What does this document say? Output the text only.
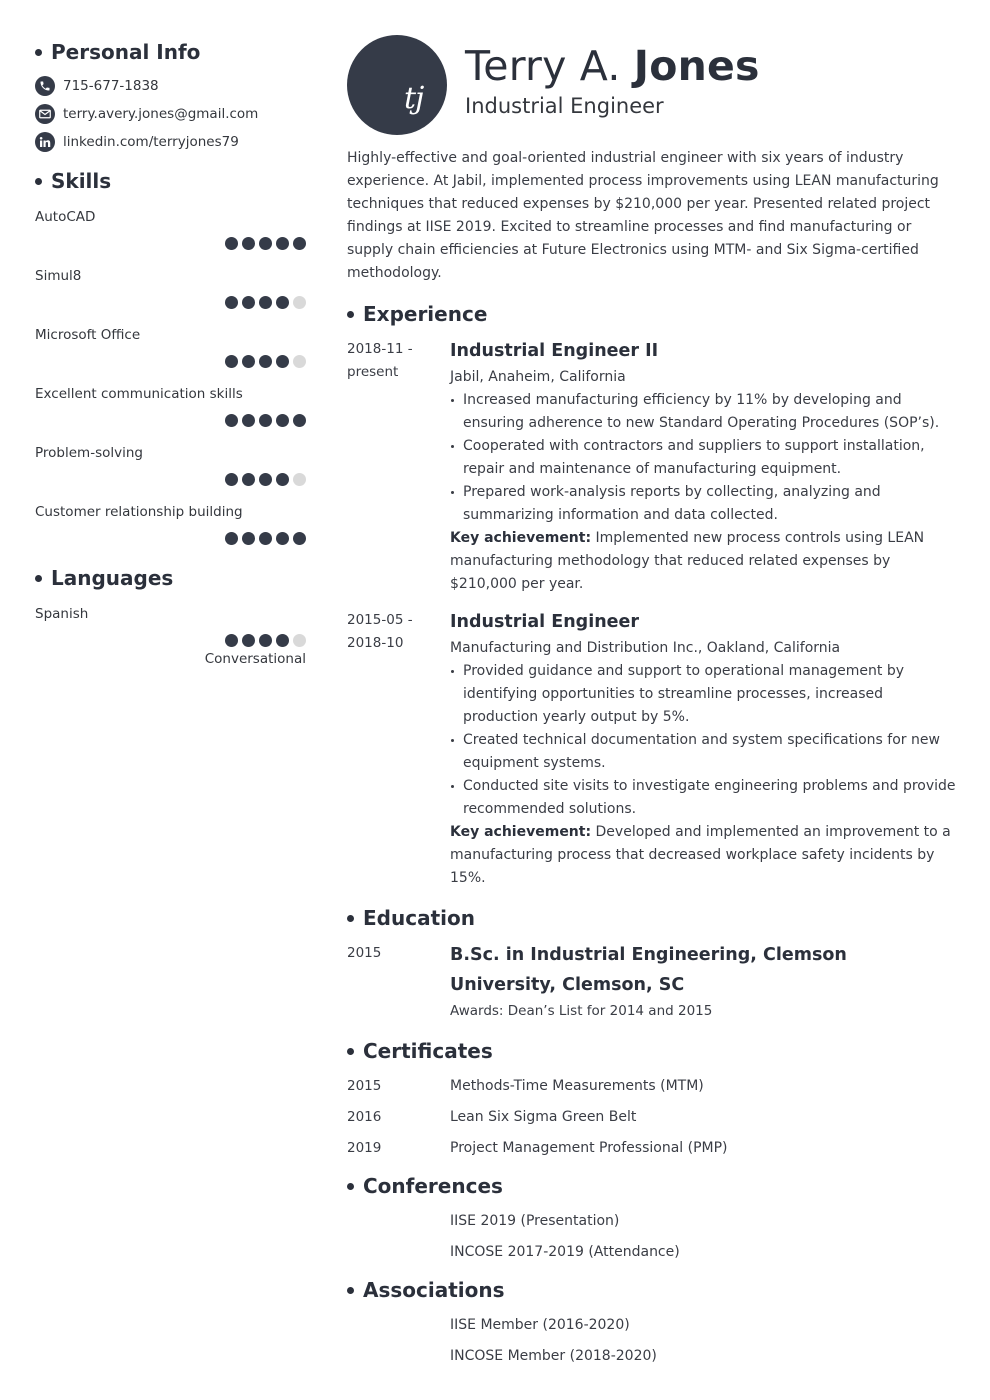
Personal Info
715-677-1838
terry.avery.jones@gmail.com
linkedin.com/terryjones79
Skills
AutoCAD
Simul8
Microsoft Office
Excellent communication skills
Problem-solving
Customer relationship building
Languages
Spanish
Conversational
tj
Terry A. Jones
Industrial Engineer

Highly-effective and goal-oriented industrial engineer with six years of industry experience. At Jabil, implemented process improvements using LEAN manufacturing techniques that reduced expenses by $210,000 per year. Presented related project findings at IISE 2019. Excited to streamline processes and find manufacturing or supply chain efficiencies at Future Electronics using MTM- and Six Sigma-certified methodology.

Experience
2018-11 -
present
Industrial Engineer II
Jabil, Anaheim, California
Increased manufacturing efficiency by 11% by developing and ensuring adherence to new Standard Operating Procedures (SOP’s).
Cooperated with contractors and suppliers to support installation, repair and maintenance of manufacturing equipment.
Prepared work-analysis reports by collecting, analyzing and summarizing information and data collected.
Key achievement: Implemented new process controls using LEAN manufacturing methodology that reduced related expenses by $210,000 per year.
2015-05 -
2018-10
Industrial Engineer
Manufacturing and Distribution Inc., Oakland, California
Provided guidance and support to operational management by identifying opportunities to streamline processes, increased production yearly output by 5%.
Created technical documentation and system specifications for new equipment systems.
Conducted site visits to investigate engineering problems and provide recommended solutions.
Key achievement: Developed and implemented an improvement to a manufacturing process that decreased workplace safety incidents by 15%.
Education
2015	B.Sc. in Industrial Engineering, Clemson University, Clemson, SC
Awards: Dean’s List for 2014 and 2015
Certificates
2015	Methods-Time Measurements (MTM)
2016	Lean Six Sigma Green Belt
2019	Project Management Professional (PMP)
Conferences
IISE 2019 (Presentation)
INCOSE 2017-2019 (Attendance)
Associations
IISE Member (2016-2020)
INCOSE Member (2018-2020)
